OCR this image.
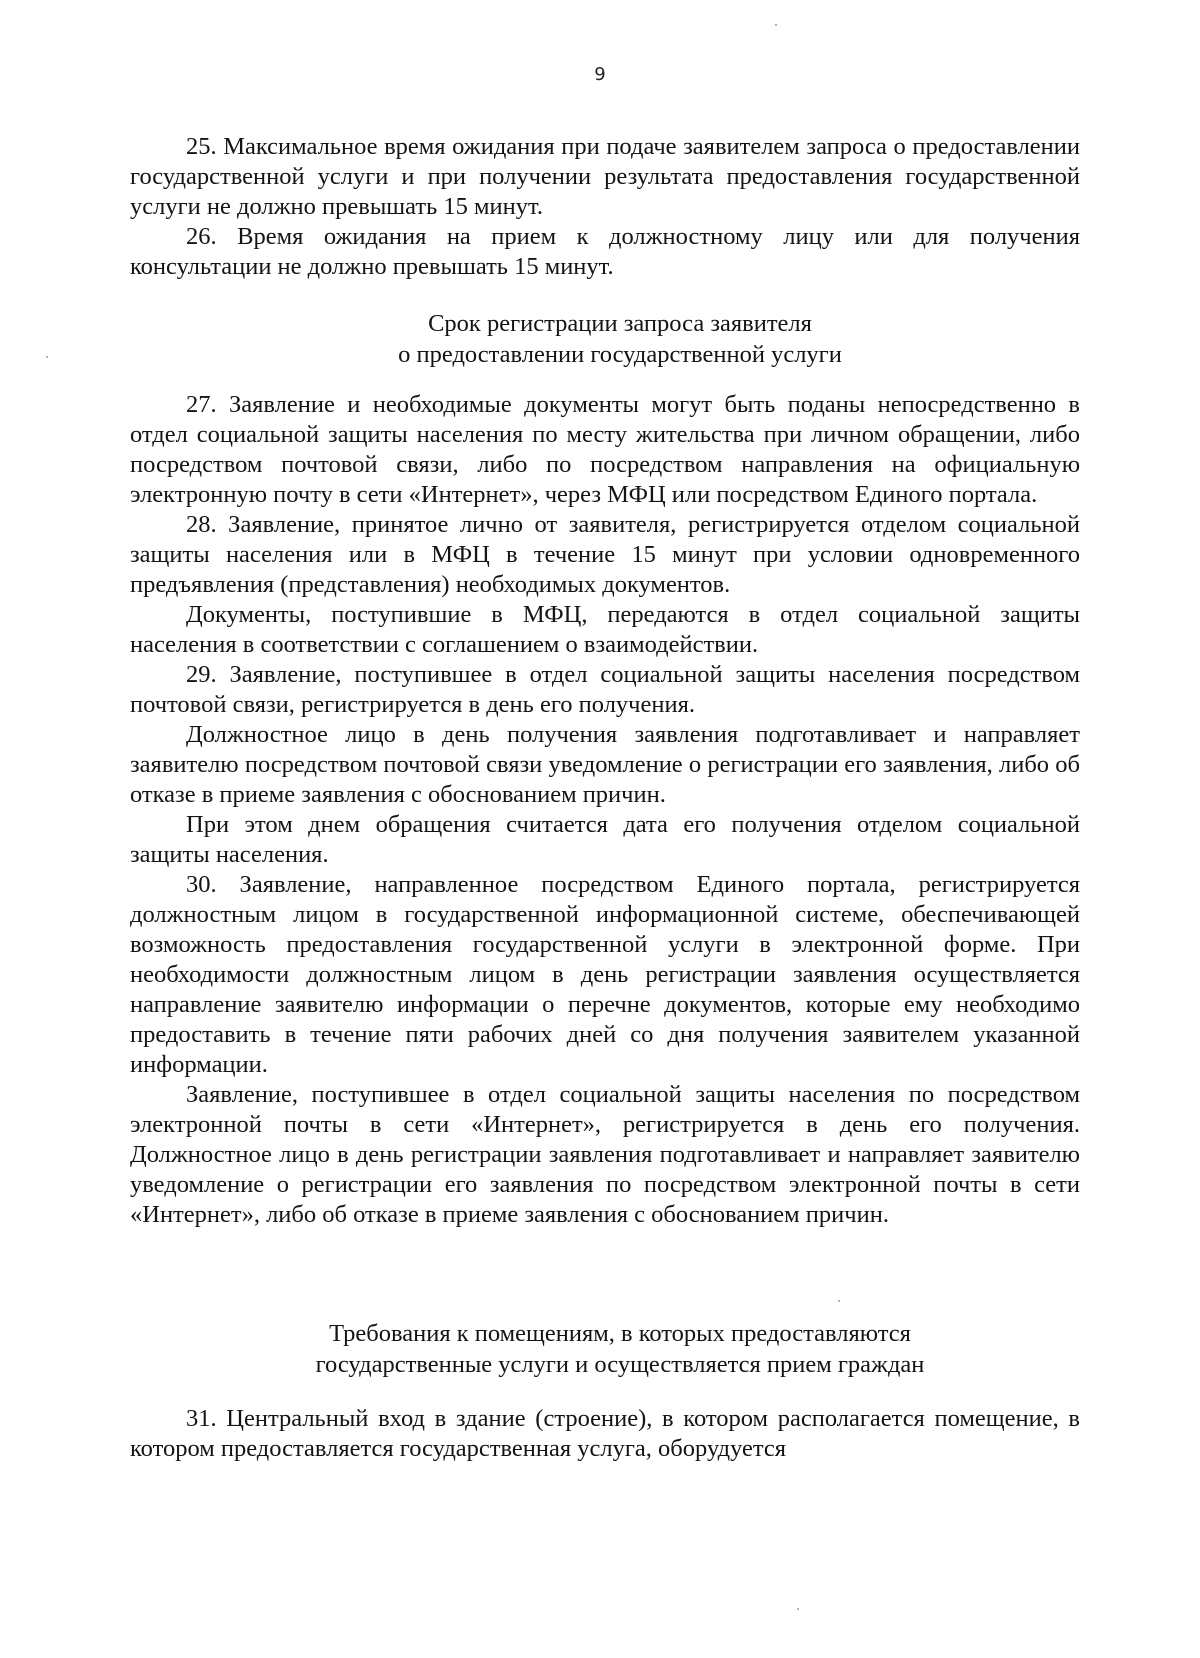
9

25. Максимальное время ожидания при подаче заявителем запроса о предоставлении государственной услуги и при получении результата предоставления государственной услуги не должно превышать 15 минут.

26. Время ожидания на прием к должностному лицу или для получения консультации не должно превышать 15 минут.

Срок регистрации запроса заявителя
о предоставлении государственной услуги

27. Заявление и необходимые документы могут быть поданы непосредственно в отдел социальной защиты населения по месту жительства при личном обращении, либо посредством почтовой связи, либо по посредством направления на официальную электронную почту в сети «Интернет», через МФЦ или посредством Единого портала.

28. Заявление, принятое лично от заявителя, регистрируется отделом социальной защиты населения или в МФЦ в течение 15 минут при условии одновременного предъявления (представления) необходимых документов.

Документы, поступившие в МФЦ, передаются в отдел социальной защиты населения в соответствии с соглашением о взаимодействии.

29. Заявление, поступившее в отдел социальной защиты населения посредством почтовой связи, регистрируется в день его получения.

Должностное лицо в день получения заявления подготавливает и направляет заявителю посредством почтовой связи уведомление о регистрации его заявления, либо об отказе в приеме заявления с обоснованием причин.

При этом днем обращения считается дата его получения отделом социальной защиты населения.

30. Заявление, направленное посредством Единого портала, регистрируется должностным лицом в государственной информационной системе, обеспечивающей возможность предоставления государственной услуги в электронной форме. При необходимости должностным лицом в день регистрации заявления осуществляется направление заявителю информации о перечне документов, которые ему необходимо предоставить в течение пяти рабочих дней со дня получения заявителем указанной информации.

Заявление, поступившее в отдел социальной защиты населения по посредством электронной почты в сети «Интернет», регистрируется в день его получения. Должностное лицо в день регистрации заявления подготавливает и направляет заявителю уведомление о регистрации его заявления по посредством электронной почты в сети «Интернет», либо об отказе в приеме заявления с обоснованием причин.

Требования к помещениям, в которых предоставляются
государственные услуги и осуществляется прием граждан

31. Центральный вход в здание (строение), в котором располагается помещение, в котором предоставляется государственная услуга, оборудуется
